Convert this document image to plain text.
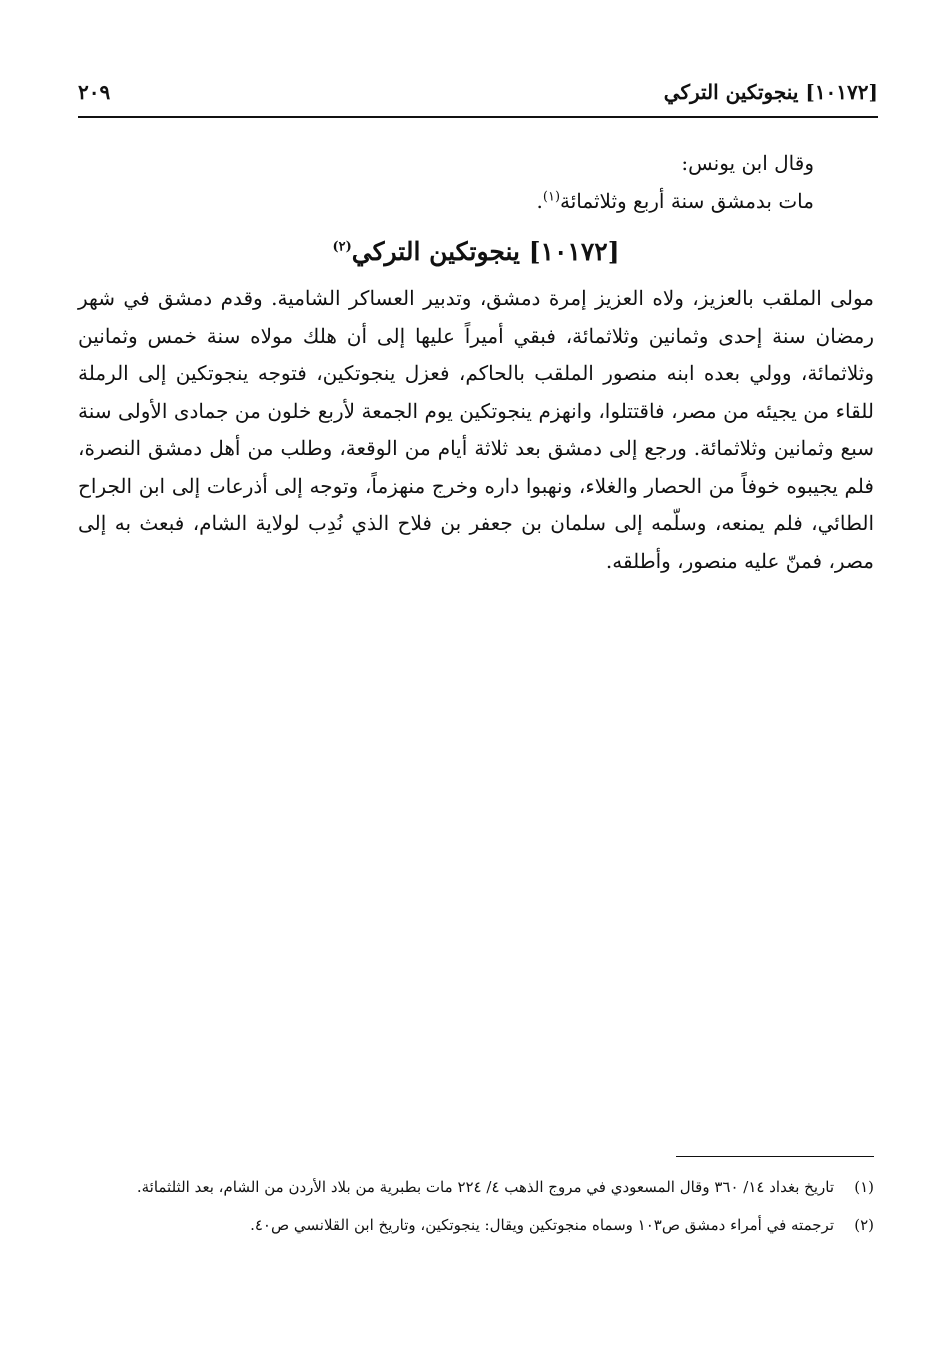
[١٠١٧٢] ينجوتكين التركي
٢٠٩

وقال ابن يونس:

مات بدمشق سنة أربع وثلاثمائة$^{(١)}$.

[١٠١٧٢] ينجوتكين التركي$^{(٢)}$

مولى الملقب بالعزيز، ولاه العزيز إمرة دمشق، وتدبير العساكر الشامية. وقدم دمشق في شهر رمضان سنة إحدى وثمانين وثلاثمائة، فبقي أميراً عليها إلى أن هلك مولاه سنة خمس وثمانين وثلاثمائة، وولي بعده ابنه منصور الملقب بالحاكم، فعزل ينجوتكين، فتوجه ينجوتكين إلى الرملة للقاء من يجيئه من مصر، فاقتتلوا، وانهزم ينجوتكين يوم الجمعة لأربع خلون من جمادى الأولى سنة سبع وثمانين وثلاثمائة. ورجع إلى دمشق بعد ثلاثة أيام من الوقعة، وطلب من أهل دمشق النصرة، فلم يجيبوه خوفاً من الحصار والغلاء، ونهبوا داره وخرج منهزماً، وتوجه إلى أذرعات إلى ابن الجراح الطائي، فلم يمنعه، وسلّمه إلى سلمان بن جعفر بن فلاح الذي نُدِب لولاية الشام، فبعث به إلى مصر، فمنّ عليه منصور، وأطلقه.

(١)
تاريخ بغداد ١٤/ ٣٦٠ وقال المسعودي في مروج الذهب ٤/ ٢٢٤ مات بطبرية من بلاد الأردن من الشام، بعد الثلثمائة.
(٢)
ترجمته في أمراء دمشق ص١٠٣ وسماه منجوتكين ويقال: ينجوتكين، وتاريخ ابن القلانسي ص٤٠.
